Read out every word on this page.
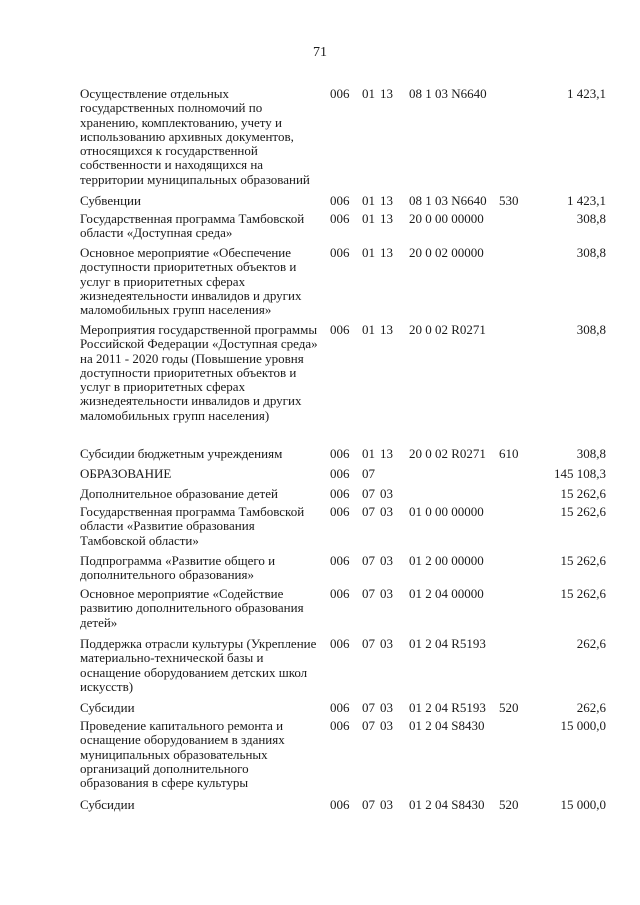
71
Осуществление отдельных государственных полномочий по хранению, комплектованию, учету и использованию архивных документов, относящихся к государственной собственности и находящихся на территории муниципальных образований
006 01 13 08 1 03 N6640	1 423,1
Субвенции	006 01 13 08 1 03 N6640 530	1 423,1
Государственная программа Тамбовской области «Доступная среда»
006 01 13 20 0 00 00000	308,8
Основное мероприятие «Обеспечение доступности приоритетных объектов и услуг в приоритетных сферах жизнедеятельности инвалидов и других маломобильных групп населения»
006 01 13 20 0 02 00000	308,8
Мероприятия государственной программы Российской Федерации «Доступная среда» на 2011 - 2020 годы (Повышение уровня доступности приоритетных объектов и услуг в приоритетных сферах жизнедеятельности инвалидов и других маломобильных групп населения)
006 01 13 20 0 02 R0271	308,8
Субсидии бюджетным учреждениям	006 01 13 20 0 02 R0271 610	308,8
ОБРАЗОВАНИЕ	006 07	145 108,3
Дополнительное образование детей	006 07 03	15 262,6
Государственная программа Тамбовской области «Развитие образования Тамбовской области»
006 07 03 01 0 00 00000	15 262,6
Подпрограмма «Развитие общего и дополнительного образования»
006 07 03 01 2 00 00000	15 262,6
Основное мероприятие «Содействие развитию дополнительного образования детей»
006 07 03 01 2 04 00000	15 262,6
Поддержка отрасли культуры (Укрепление материально-технической базы и оснащение оборудованием детских школ искусств)
006 07 03 01 2 04 R5193	262,6
Субсидии	006 07 03 01 2 04 R5193 520	262,6
Проведение капитального ремонта и оснащение оборудованием в зданиях муниципальных образовательных организаций дополнительного образования в сфере культуры
006 07 03 01 2 04 S8430	15 000,0
Субсидии	006 07 03 01 2 04 S8430 520	15 000,0
